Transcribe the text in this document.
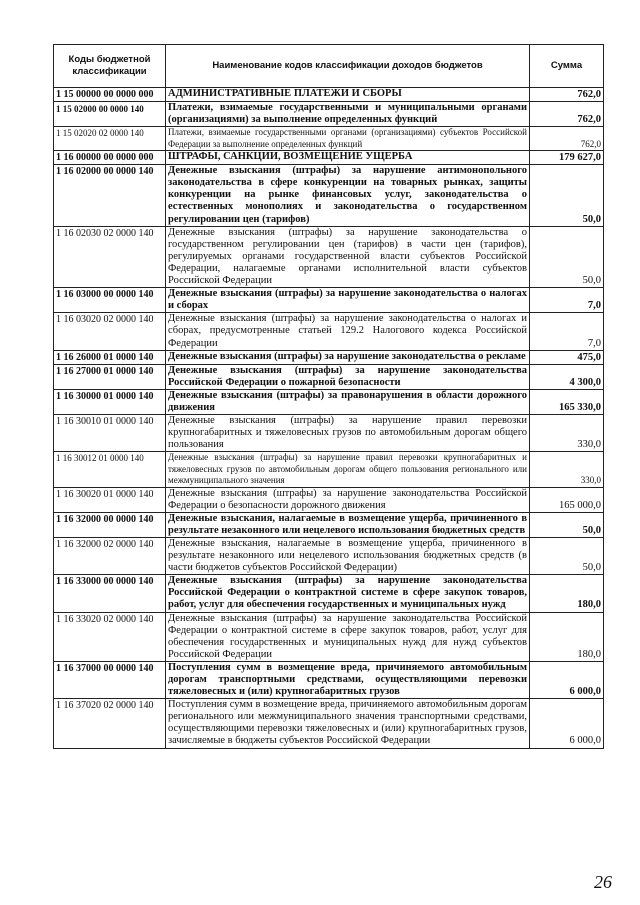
Коды бюджетной классификации	Наименование кодов классификации доходов бюджетов	Сумма
1 15 00000 00 0000 000	АДМИНИСТРАТИВНЫЕ ПЛАТЕЖИ И СБОРЫ	762,0
1 15 02000 00 0000 140	Платежи, взимаемые государственными и муниципальными органами (организациями) за выполнение определенных функций	762,0
1 15 02020 02 0000 140	Платежи, взимаемые государственными органами (организациями) субъектов Российской Федерации за выполнение определенных функций	762,0
1 16 00000 00 0000 000	ШТРАФЫ, САНКЦИИ, ВОЗМЕЩЕНИЕ УЩЕРБА	179 627,0
1 16 02000 00 0000 140	Денежные взыскания (штрафы) за нарушение антимонопольного законодательства в сфере конкуренции на товарных рынках, защиты конкуренции на рынке финансовых услуг, законодательства о естественных монополиях и законодательства о государственном регулировании цен (тарифов)	50,0
1 16 02030 02 0000 140	Денежные взыскания (штрафы) за нарушение законодательства о государственном регулировании цен (тарифов) в части цен (тарифов), регулируемых органами государственной власти субъектов Российской Федерации, налагаемые органами исполнительной власти субъектов Российской Федерации	50,0
1 16 03000 00 0000 140	Денежные взыскания (штрафы) за нарушение законодательства о налогах и сборах	7,0
1 16 03020 02 0000 140	Денежные взыскания (штрафы) за нарушение законодательства о налогах и сборах, предусмотренные статьей 129.2 Налогового кодекса Российской Федерации	7,0
1 16 26000 01 0000 140	Денежные взыскания (штрафы) за нарушение законодательства о рекламе	475,0
1 16 27000 01 0000 140	Денежные взыскания (штрафы) за нарушение законодательства Российской Федерации о пожарной безопасности	4 300,0
1 16 30000 01 0000 140	Денежные взыскания (штрафы) за правонарушения в области дорожного движения	165 330,0
1 16 30010 01 0000 140	Денежные взыскания (штрафы) за нарушение правил перевозки крупногабаритных и тяжеловесных грузов по автомобильным дорогам общего пользования	330,0
1 16 30012 01 0000 140	Денежные взыскания (штрафы) за нарушение правил перевозки крупногабаритных и тяжеловесных грузов по автомобильным дорогам общего пользования регионального или межмуниципального значения	330,0
1 16 30020 01 0000 140	Денежные взыскания (штрафы) за нарушение законодательства Российской Федерации о безопасности дорожного движения	165 000,0
1 16 32000 00 0000 140	Денежные взыскания, налагаемые в возмещение ущерба, причиненного в результате незаконного или нецелевого использования бюджетных средств	50,0
1 16 32000 02 0000 140	Денежные взыскания, налагаемые в возмещение ущерба, причиненного в результате незаконного или нецелевого использования бюджетных средств (в части бюджетов субъектов Российской Федерации)	50,0
1 16 33000 00 0000 140	Денежные взыскания (штрафы) за нарушение законодательства Российской Федерации о контрактной системе в сфере закупок товаров, работ, услуг для обеспечения государственных и муниципальных нужд	180,0
1 16 33020 02 0000 140	Денежные взыскания (штрафы) за нарушение законодательства Российской Федерации о контрактной системе в сфере закупок товаров, работ, услуг для обеспечения государственных и муниципальных нужд для нужд субъектов Российской Федерации	180,0
1 16 37000 00 0000 140	Поступления сумм в возмещение вреда, причиняемого автомобильным дорогам транспортными средствами, осуществляющими перевозки тяжеловесных и (или) крупногабаритных грузов	6 000,0
1 16 37020 02 0000 140	Поступления сумм в возмещение вреда, причиняемого автомобильным дорогам регионального или межмуниципального значения транспортными средствами, осуществляющими перевозки тяжеловесных и (или) крупногабаритных грузов, зачисляемые в бюджеты субъектов Российской Федерации	6 000,0
26
